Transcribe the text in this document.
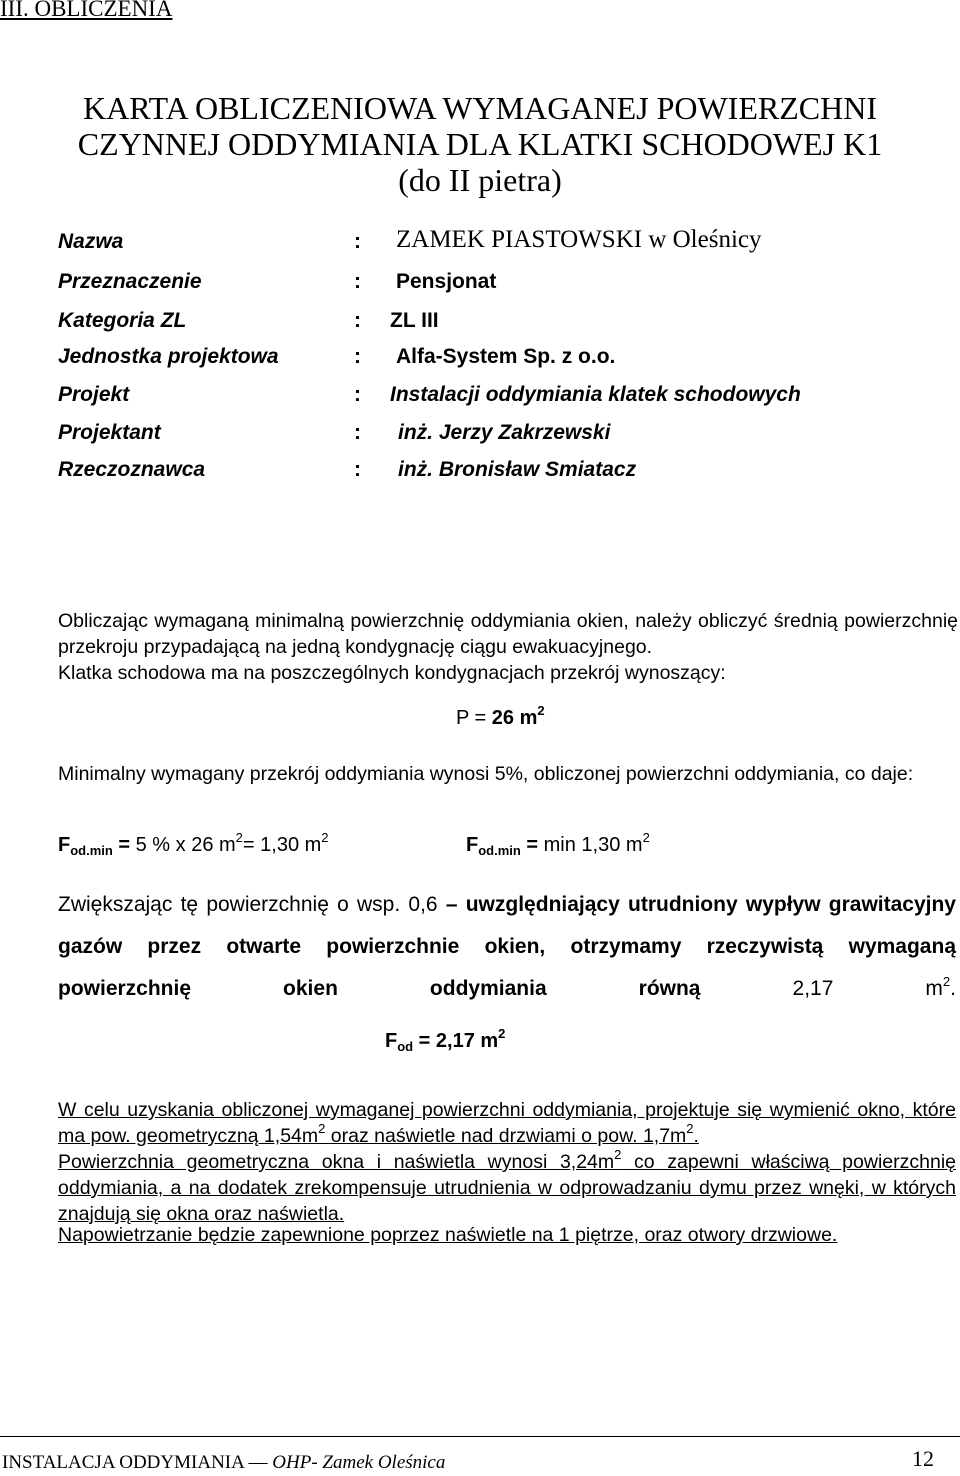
III. OBLICZENIA
KARTA OBLICZENIOWA WYMAGANEJ POWIERZCHNI
CZYNNEJ ODDYMIANIA DLA KLATKI SCHODOWEJ K1
(do II pietra)
Nazwa	: ZAMEK PIASTOWSKI w Oleśnicy
Przeznaczenie	: Pensjonat
Kategoria ZL	: ZL III
Jednostka projektowa	: Alfa-System Sp. z o.o.
Projekt	: Instalacji oddymiania klatek schodowych
Projektant	: inż. Jerzy Zakrzewski
Rzeczoznawca	: inż. Bronisław Smiatacz
Obliczając wymaganą minimalną powierzchnię oddymiania okien, należy obliczyć średnią powierzchnię przekroju przypadającą na jedną kondygnację ciągu ewakuacyjnego.
Klatka schodowa ma na poszczególnych kondygnacjach przekrój wynoszący:
P = 26 $m^2$
Minimalny wymagany przekrój oddymiania wynosi 5%, obliczonej powierzchni oddymiania, co daje:
$F_{od.min} = 5$ % x 26 $m^2= 1,30$ $m^2$	$F_{od.min} = \min 1,30$ $m^2$
Zwiększając tę powierzchnię o wsp. 0,6 – uwzględniający utrudniony wypływ grawitacyjny gazów przez otwarte powierzchnie okien, otrzymamy rzeczywistą wymaganą powierzchnię okien oddymiania równą 2,17 $m^2$.
$F_{od} = 2,17$ $m^2$
W celu uzyskania obliczonej wymaganej powierzchni oddymiania, projektuje się wymienić okno, które ma pow. geometryczną $1,54m^2$ oraz naświetle nad drzwiami o pow. $1,7m^2$.
Powierzchnia geometryczna okna i naświetla wynosi $3,24m^2$ co zapewni właściwą powierzchnię oddymiania, a na dodatek zrekompensuje utrudnienia w odprowadzaniu dymu przez wnęki, w których znajdują się okna oraz naświetla.
Napowietrzanie będzie zapewnione poprzez naświetle na 1 piętrze, oraz otwory drzwiowe.
INSTALACJA ODDYMIANIA — OHP- Zamek Oleśnica	12
